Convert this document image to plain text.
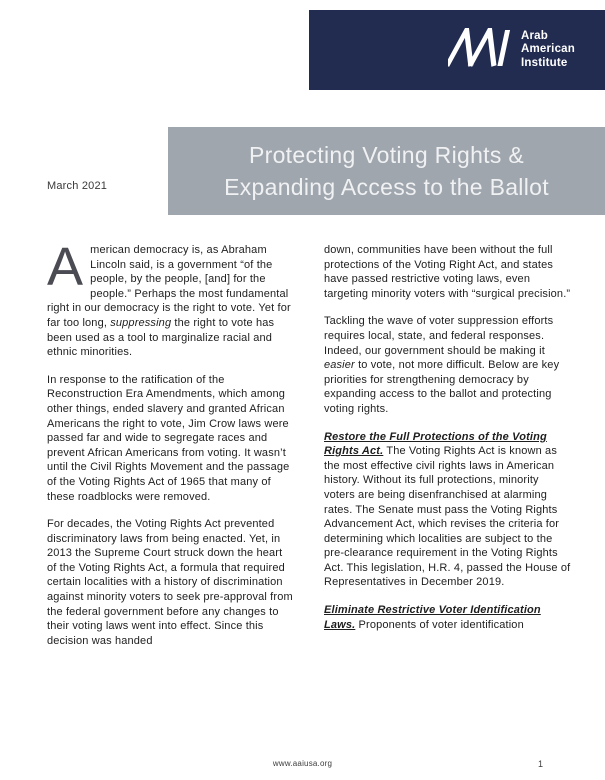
Arab
American
Institute
Protecting Voting Rights &
Expanding Access to the Ballot
March 2021

American democracy is, as Abraham Lincoln said, is a government “of the people, by the people, [and] for the people.” Perhaps the most fundamental right in our democracy is the right to vote. Yet for far too long, suppressing the right to vote has been used as a tool to marginalize racial and ethnic minorities.

In response to the ratification of the Reconstruction Era Amendments, which among other things, ended slavery and granted African Americans the right to vote, Jim Crow laws were passed far and wide to segregate races and prevent African Americans from voting. It wasn’t until the Civil Rights Movement and the passage of the Voting Rights Act of 1965 that many of these roadblocks were removed.

For decades, the Voting Rights Act prevented discriminatory laws from being enacted. Yet, in 2013 the Supreme Court struck down the heart of the Voting Rights Act, a formula that required certain localities with a history of discrimination against minority voters to seek pre-approval from the federal government before any changes to their voting laws went into effect. Since this decision was handed

down, communities have been without the full protections of the Voting Right Act, and states have passed restrictive voting laws, even targeting minority voters with “surgical precision.”

Tackling the wave of voter suppression efforts requires local, state, and federal responses. Indeed, our government should be making it easier to vote, not more difficult. Below are key priorities for strengthening democracy by expanding access to the ballot and protecting voting rights.

Restore the Full Protections of the Voting Rights Act. The Voting Rights Act is known as the most effective civil rights laws in American history. Without its full protections, minority voters are being disenfranchised at alarming rates. The Senate must pass the Voting Rights Advancement Act, which revises the criteria for determining which localities are subject to the pre-clearance requirement in the Voting Rights Act. This legislation, H.R. 4, passed the House of Representatives in December 2019.

Eliminate Restrictive Voter Identification Laws. Proponents of voter identification

www.aaiusa.org	1
